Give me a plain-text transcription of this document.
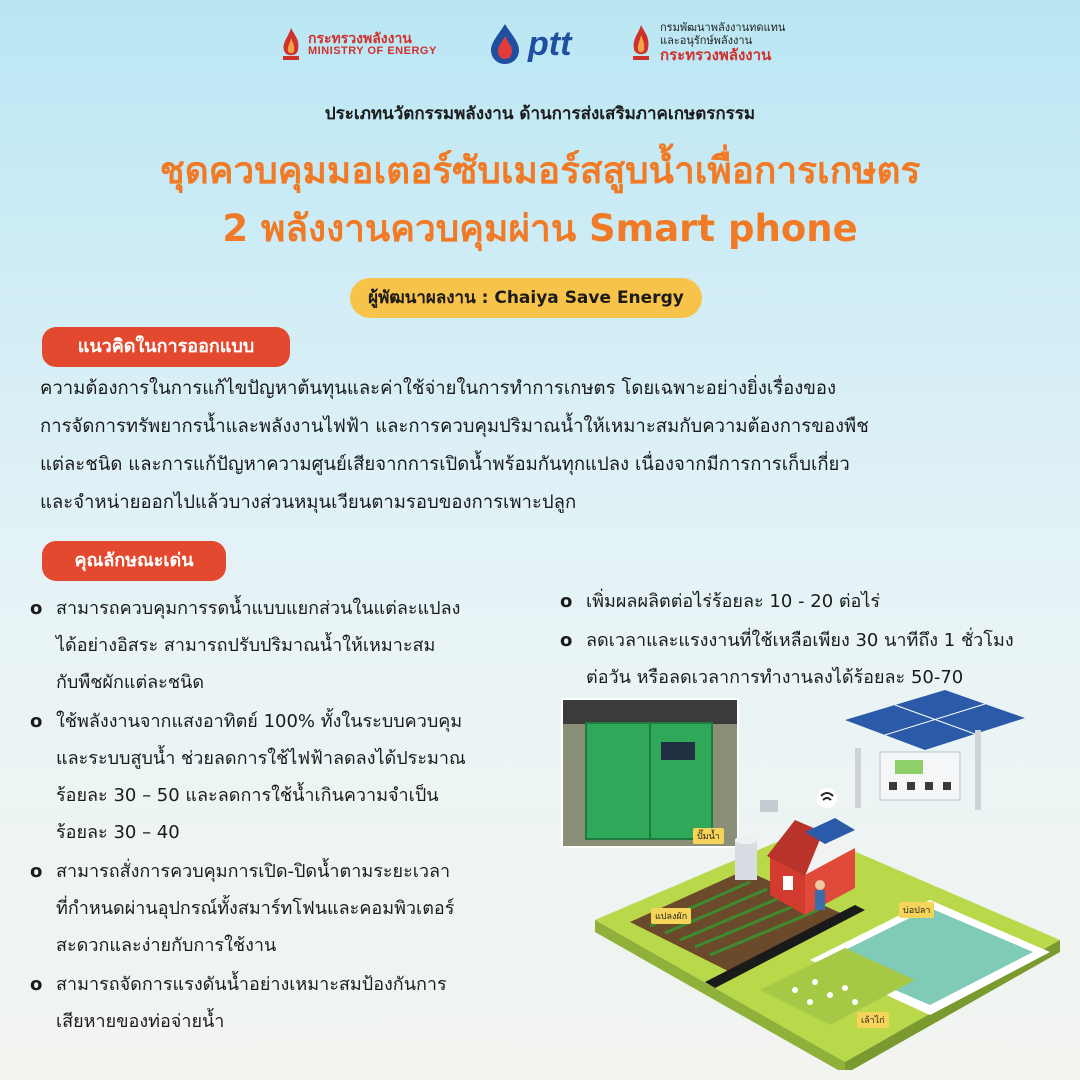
กระทรวงพลังงาน
MINISTRY OF ENERGY	ptt	กรมพัฒนาพลังงานทดแทน
และอนุรักษ์พลังงาน
กระทรวงพลังงาน
ประเภทนวัตกรรมพลังงาน ด้านการส่งเสริมภาคเกษตรกรรม
ชุดควบคุมมอเตอร์ซับเมอร์สสูบน้ำเพื่อการเกษตร
2 พลังงานควบคุมผ่าน Smart phone
ผู้พัฒนาผลงาน : Chaiya Save Energy
แนวคิดในการออกแบบ
ความต้องการในการแก้ไขปัญหาต้นทุนและค่าใช้จ่ายในการทำการเกษตร โดยเฉพาะอย่างยิ่งเรื่องของ
การจัดการทรัพยากรน้ำและพลังงานไฟฟ้า และการควบคุมปริมาณน้ำให้เหมาะสมกับความต้องการของพืช
แต่ละชนิด และการแก้ปัญหาความศูนย์เสียจากการเปิดน้ำพร้อมกันทุกแปลง เนื่องจากมีการการเก็บเกี่ยว
และจำหน่ายออกไปแล้วบางส่วนหมุนเวียนตามรอบของการเพาะปลูก
คุณลักษณะเด่น
o สามารถควบคุมการรดน้ำแบบแยกส่วนในแต่ละแปลง
ได้อย่างอิสระ สามารถปรับปริมาณน้ำให้เหมาะสม
กับพืชผักแต่ละชนิด
o ใช้พลังงานจากแสงอาทิตย์ 100% ทั้งในระบบควบคุม
และระบบสูบน้ำ ช่วยลดการใช้ไฟฟ้าลดลงได้ประมาณ
ร้อยละ 30 – 50 และลดการใช้น้ำเกินความจำเป็น
ร้อยละ 30 – 40
o สามารถสั่งการควบคุมการเปิด-ปิดน้ำตามระยะเวลา
ที่กำหนดผ่านอุปกรณ์ทั้งสมาร์ทโฟนและคอมพิวเตอร์
สะดวกและง่ายกับการใช้งาน
o สามารถจัดการแรงดันน้ำอย่างเหมาะสมป้องกันการ
เสียหายของท่อจ่ายน้ำ
o เพิ่มผลผลิตต่อไร่ร้อยละ 10 - 20 ต่อไร่
o ลดเวลาและแรงงานที่ใช้เหลือเพียง 30 นาทีถึง 1 ชั่วโมง
ต่อวัน หรือลดเวลาการทำงานลงได้ร้อยละ 50-70
ปั๊มน้ำ
แปลงผัก
บ่อปลา
เล้าไก่
